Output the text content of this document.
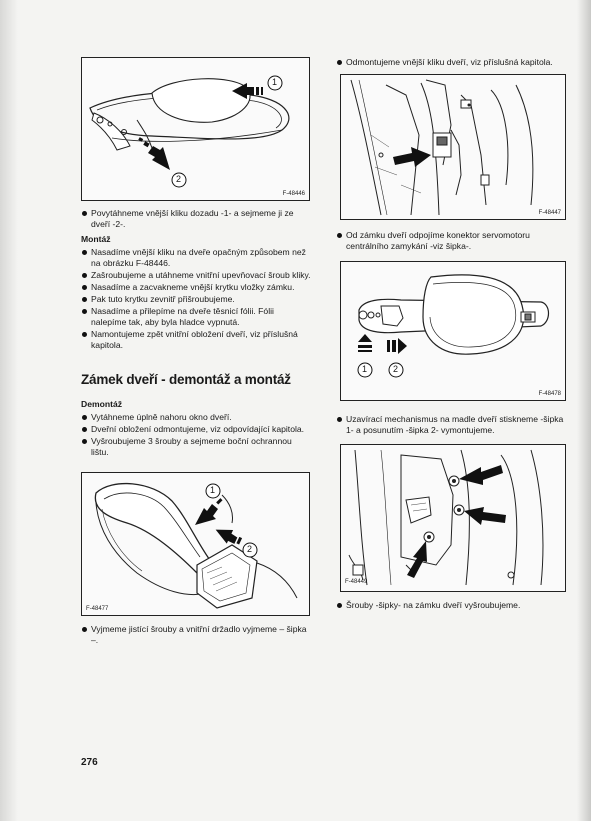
1
2
F-48446
Povytáhneme vnější kliku dozadu -1- a sejmeme ji ze dveří -2-.
Montáž
Nasadíme vnější kliku na dveře opačným způsobem než na obrázku F-48446.
Zašroubujeme a utáhneme vnitřní upevňovací šroub kliky.
Nasadíme a zacvakneme vnější krytku vložky zámku.
Pak tuto krytku zevnitř přišroubujeme.
Nasadíme a přilepíme na dveře těsnicí fólii. Fólii nalepíme tak, aby byla hladce vypnutá.
Namontujeme zpět vnitřní obložení dveří, viz příslušná kapitola.
Zámek dveří - demontáž a montáž
Demontáž
Vytáhneme úplně nahoru okno dveří.
Dveřní obložení odmontujeme, viz odpovídající kapitola.
Vyšroubujeme 3 šrouby a sejmeme boční ochrannou lištu.
1
2
F-48477
Vyjmeme jistící šrouby a vnitřní držadlo vyjmeme – šipka –.
276
Odmontujeme vnější kliku dveří, viz příslušná kapitola.
F-48447
Od zámku dveří odpojíme konektor servomotoru centrálního zamykání -viz šipka-.
1	2
F-48478
Uzavírací mechanismus na madle dveří stiskneme -šipka 1- a posunutím -šipka 2- vymontujeme.
F-48449
Šrouby -šipky- na zámku dveří vyšroubujeme.
